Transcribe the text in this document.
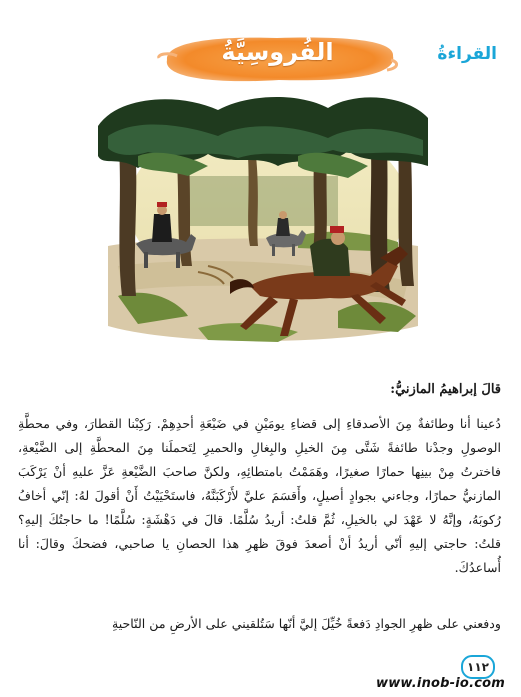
الفُروسِيَّةُ	القراءةُ
قالَ إبراهيمُ المازنيُّ:
دُعينا أنا وطائفةٌ مِنَ الأصدقاءِ إلى قضاءِ يومَيْنِ في ضَيْعَةِ أحدِهِمْ. رَكِبْنا القطارَ، وفي محطَّةِ الوصولِ وجدْنا طائفةً شَتَّى مِنَ الخيلِ والبِغالِ والحميرِ لِتَحملَنا مِنَ المحطَّةِ إلى الضَّيْعةِ، فاخترتُ مِنْ بينِها حمارًا صغيرًا، وهَمَمْتُ بامتطائِهِ، ولكنَّ صاحبَ الضَّيْعةِ عَزَّ عليهِ أنْ يَرْكَبَ المازنيُّ حمارًا، وجاءني بجوادٍ أصيلٍ، وأَقسَمَ عليَّ لأَرْكَبَنَّهُ، فاستَحْيَيْتُ أَنْ أقولَ لهُ: إنّي أخافُ رُكوبَهُ، وإنَّهُ لا عَهْدَ لي بالخيلِ، ثُمَّ قلتُ: أريدُ سُلَّمًا. قالَ في دَهْشَةٍ: سُلَّمًا! ما حاجتُكَ إليهِ؟ قلتُ: حاجتي إليهِ أنّي أريدُ أنْ أصعدَ فوقَ ظهرِ هذا الحصانِ يا صاحبي، فضحكَ وقالَ: أنا أُساعدُكَ.
ودفعني على ظهرِ الجوادِ دَفعةً خُيِّلَ إليَّ أنّها سَتُلقيني على الأرضِ من النّاحيةِ
١١٢
www.inob-io.com
